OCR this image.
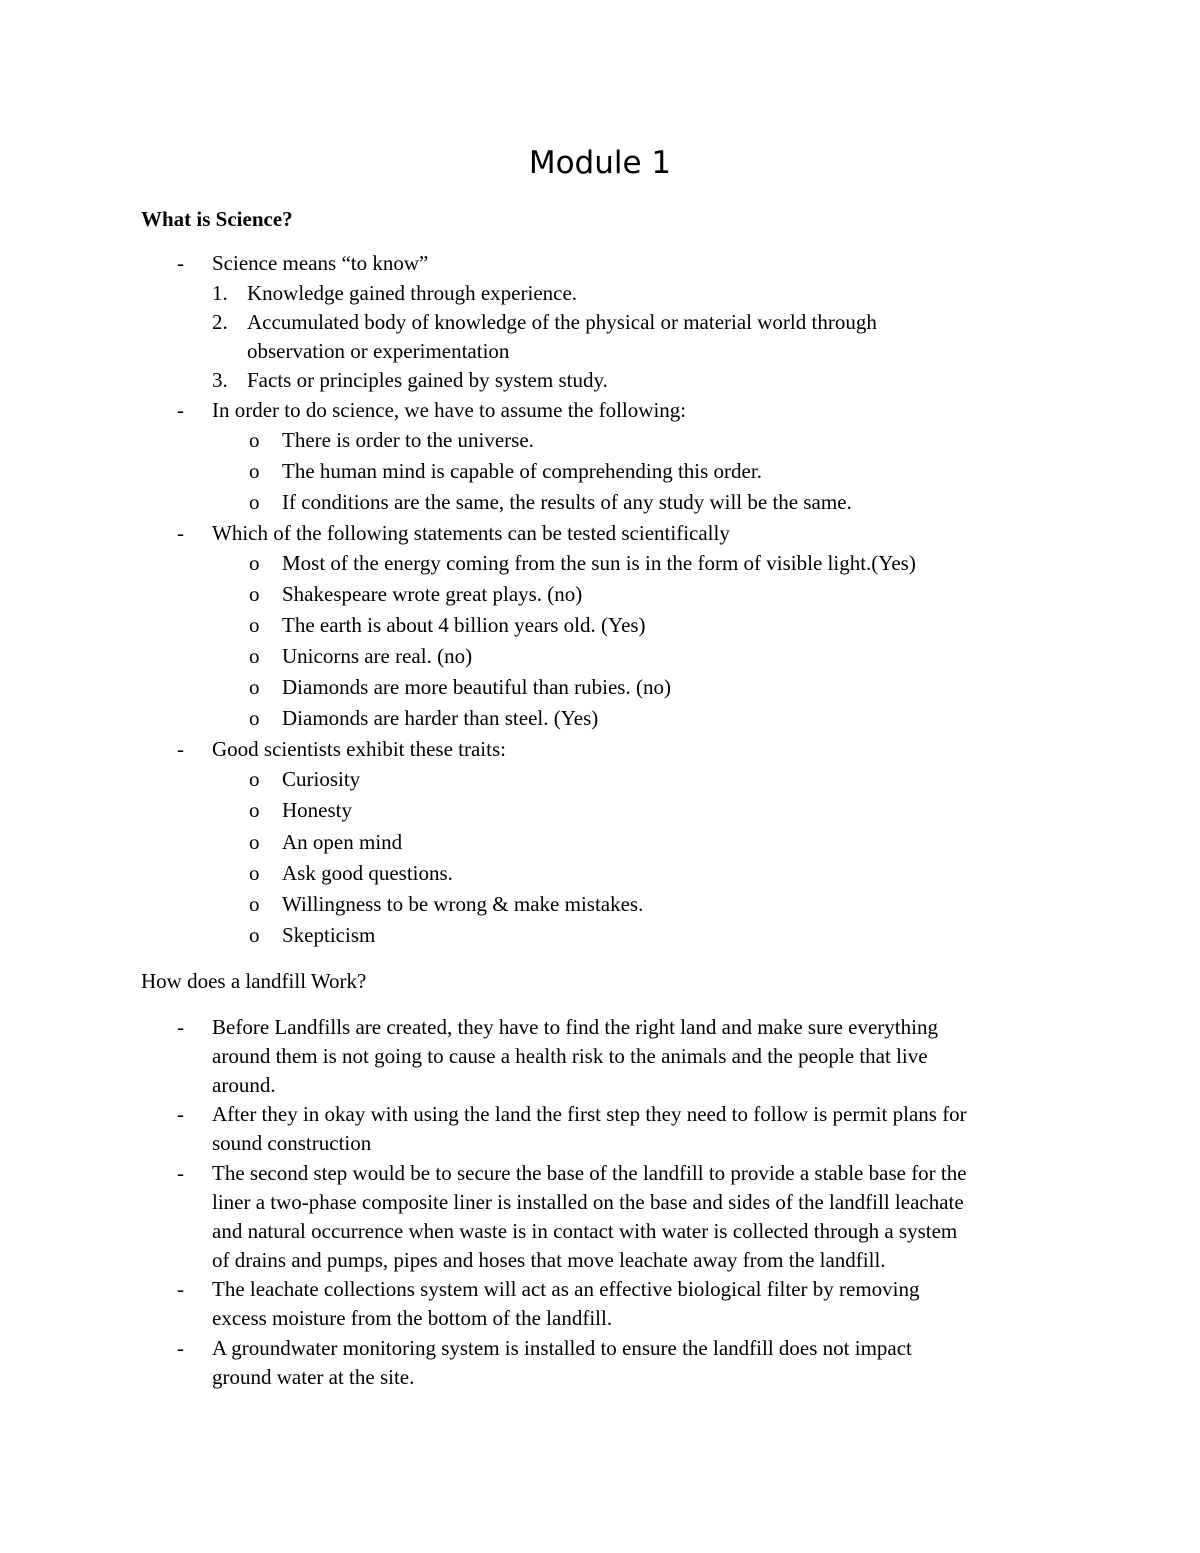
Module 1
What is Science?
- Science means “to know”
1. Knowledge gained through experience.
2. Accumulated body of knowledge of the physical or material world through
observation or experimentation
3. Facts or principles gained by system study.
- In order to do science, we have to assume the following:
o There is order to the universe.
o The human mind is capable of comprehending this order.
o If conditions are the same, the results of any study will be the same.
- Which of the following statements can be tested scientifically
o Most of the energy coming from the sun is in the form of visible light.(Yes)
o Shakespeare wrote great plays. (no)
o The earth is about 4 billion years old. (Yes)
o Unicorns are real. (no)
o Diamonds are more beautiful than rubies. (no)
o Diamonds are harder than steel. (Yes)
- Good scientists exhibit these traits:
o Curiosity
o Honesty
o An open mind
o Ask good questions.
o Willingness to be wrong & make mistakes.
o Skepticism
How does a landfill Work?
- Before Landfills are created, they have to find the right land and make sure everything
around them is not going to cause a health risk to the animals and the people that live
around.
- After they in okay with using the land the first step they need to follow is permit plans for
sound construction
- The second step would be to secure the base of the landfill to provide a stable base for the
liner a two-phase composite liner is installed on the base and sides of the landfill leachate
and natural occurrence when waste is in contact with water is collected through a system
of drains and pumps, pipes and hoses that move leachate away from the landfill.
- The leachate collections system will act as an effective biological filter by removing
excess moisture from the bottom of the landfill.
- A groundwater monitoring system is installed to ensure the landfill does not impact
ground water at the site.
